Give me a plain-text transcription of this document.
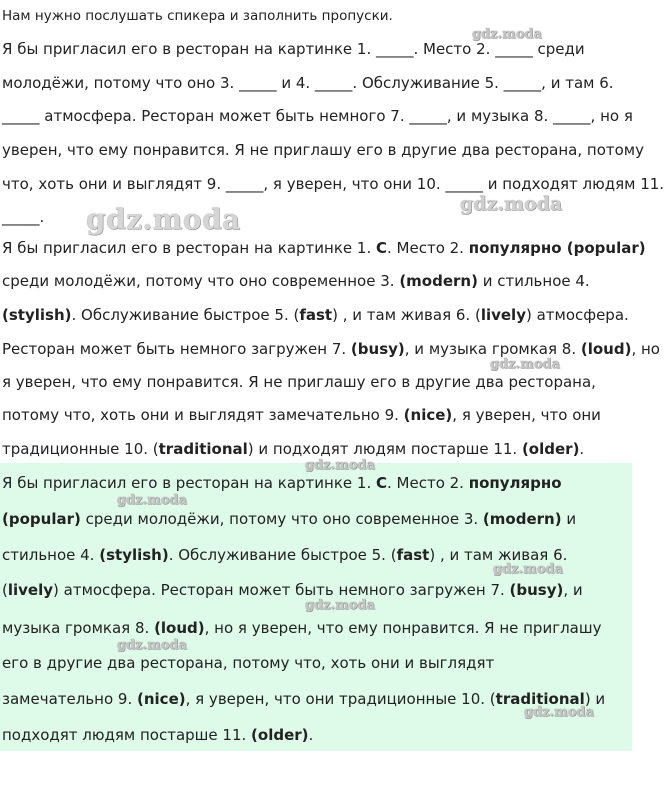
Нам нужно послушать спикера и заполнить пропуски.
Я бы пригласил его в ресторан на картинке 1. _____. Место 2. _____ среди
молодёжи, потому что оно 3. _____ и 4. _____. Обслуживание 5. _____, и там 6.
_____ атмосфера. Ресторан может быть немного 7. _____, и музыка 8. _____, но я
уверен, что ему понравится. Я не приглашу его в другие два ресторана, потому
что, хоть они и выглядят 9. _____, я уверен, что они 10. _____ и подходят людям 11.
_____.
Я бы пригласил его в ресторан на картинке 1. C. Место 2. популярно (popular)
среди молодёжи, потому что оно современное 3. (modern) и стильное 4.
(stylish). Обслуживание быстрое 5. (fast) , и там живая 6. (lively) атмосфера.
Ресторан может быть немного загружен 7. (busy), и музыка громкая 8. (loud), но
я уверен, что ему понравится. Я не приглашу его в другие два ресторана,
потому что, хоть они и выглядят замечательно 9. (nice), я уверен, что они
традиционные 10. (traditional) и подходят людям постарше 11. (older).
Я бы пригласил его в ресторан на картинке 1. C. Место 2. популярно
(popular) среди молодёжи, потому что оно современное 3. (modern) и
стильное 4. (stylish). Обслуживание быстрое 5. (fast) , и там живая 6.
(lively) атмосфера. Ресторан может быть немного загружен 7. (busy), и
музыка громкая 8. (loud), но я уверен, что ему понравится. Я не приглашу
его в другие два ресторана, потому что, хоть они и выглядят
замечательно 9. (nice), я уверен, что они традиционные 10. (traditional) и
подходят людям постарше 11. (older).
gdz.moda
gdz.moda	gdz.moda
gdz.moda
gdz.moda
gdz.moda
gdz.moda
gdz.moda
gdz.moda
gdz.moda
